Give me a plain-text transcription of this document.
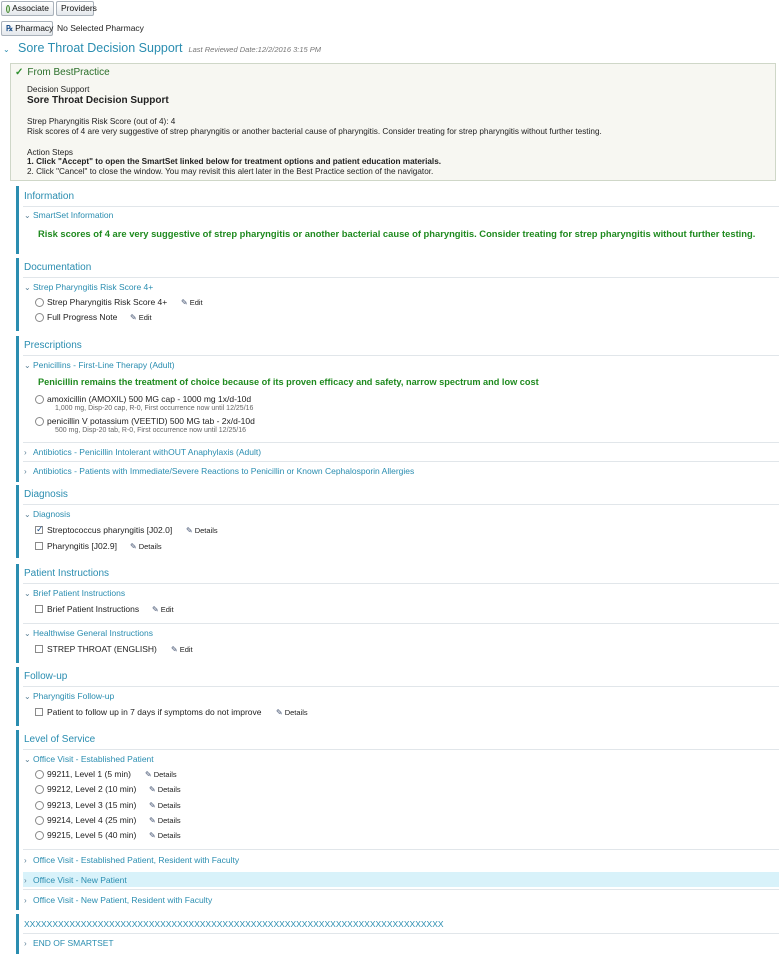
Associate Providers
℞ Pharmacy No Selected Pharmacy
⌄ Sore Throat Decision Support Last Reviewed Date:12/2/2016 3:15 PM
✓ From BestPractice
Decision Support
Sore Throat Decision Support
Strep Pharyngitis Risk Score (out of 4): 4
Risk scores of 4 are very suggestive of strep pharyngitis or another bacterial cause of pharyngitis. Consider treating for strep pharyngitis without further testing.
Action Steps
1. Click "Accept" to open the SmartSet linked below for treatment options and patient education materials.
2. Click "Cancel" to close the window. You may revisit this alert later in the Best Practice section of the navigator.
Information
⌄ SmartSet Information
Risk scores of 4 are very suggestive of strep pharyngitis or another bacterial cause of pharyngitis. Consider treating for strep pharyngitis without further testing.
Documentation
⌄ Strep Pharyngitis Risk Score 4+
Strep Pharyngitis Risk Score 4+ ✎ Edit
Full Progress Note ✎ Edit
Prescriptions
⌄ Penicillins - First-Line Therapy (Adult)
Penicillin remains the treatment of choice because of its proven efficacy and safety, narrow spectrum and low cost
amoxicillin (AMOXIL) 500 MG cap - 1000 mg 1x/d-10d
1,000 mg, Disp-20 cap, R-0, First occurrence now until 12/25/16
penicillin V potassium (VEETID) 500 MG tab - 2x/d-10d
500 mg, Disp-20 tab, R-0, First occurrence now until 12/25/16
› Antibiotics - Penicillin Intolerant withOUT Anaphylaxis (Adult)
› Antibiotics - Patients with Immediate/Severe Reactions to Penicillin or Known Cephalosporin Allergies
Diagnosis
⌄ Diagnosis
✓
Streptococcus pharyngitis [J02.0] ✎ Details
Pharyngitis [J02.9] ✎ Details
Patient Instructions
⌄ Brief Patient Instructions
Brief Patient Instructions ✎ Edit
⌄ Healthwise General Instructions
STREP THROAT (ENGLISH) ✎ Edit
Follow-up
⌄ Pharyngitis Follow-up
Patient to follow up in 7 days if symptoms do not improve ✎ Details
Level of Service
⌄ Office Visit - Established Patient
99211, Level 1 (5 min) ✎ Details
99212, Level 2 (10 min) ✎ Details
99213, Level 3 (15 min) ✎ Details
99214, Level 4 (25 min) ✎ Details
99215, Level 5 (40 min) ✎ Details
› Office Visit - Established Patient, Resident with Faculty
› Office Visit - New Patient
› Office Visit - New Patient, Resident with Faculty
XXXXXXXXXXXXXXXXXXXXXXXXXXXXXXXXXXXXXXXXXXXXXXXXXXXXXXXXXXXXXXXXXXXXXXXXXX
› END OF SMARTSET
